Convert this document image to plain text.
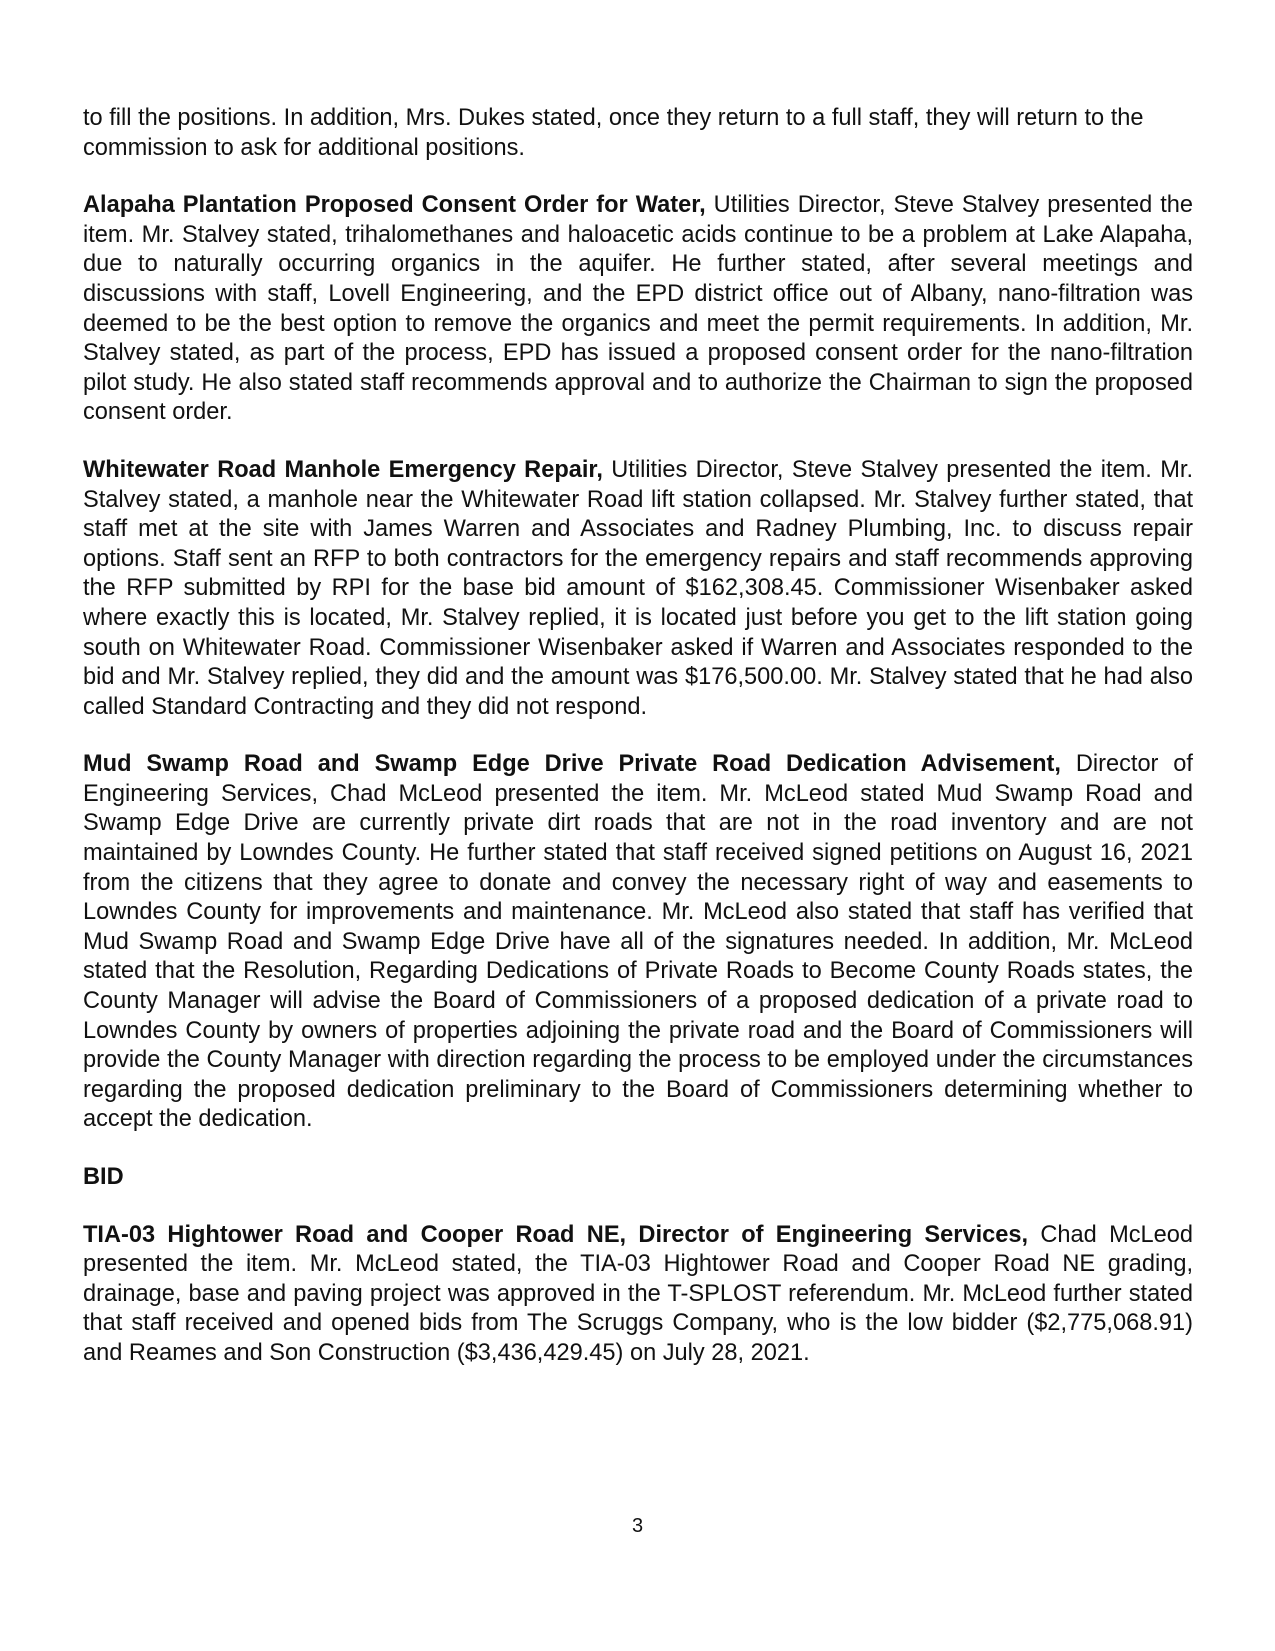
to fill the positions. In addition, Mrs. Dukes stated, once they return to a full staff, they will return to the commission to ask for additional positions.

Alapaha Plantation Proposed Consent Order for Water, Utilities Director, Steve Stalvey presented the item. Mr. Stalvey stated, trihalomethanes and haloacetic acids continue to be a problem at Lake Alapaha, due to naturally occurring organics in the aquifer. He further stated, after several meetings and discussions with staff, Lovell Engineering, and the EPD district office out of Albany, nano-filtration was deemed to be the best option to remove the organics and meet the permit requirements. In addition, Mr. Stalvey stated, as part of the process, EPD has issued a proposed consent order for the nano-filtration pilot study. He also stated staff recommends approval and to authorize the Chairman to sign the proposed consent order.

Whitewater Road Manhole Emergency Repair, Utilities Director, Steve Stalvey presented the item. Mr. Stalvey stated, a manhole near the Whitewater Road lift station collapsed. Mr. Stalvey further stated, that staff met at the site with James Warren and Associates and Radney Plumbing, Inc. to discuss repair options. Staff sent an RFP to both contractors for the emergency repairs and staff recommends approving the RFP submitted by RPI for the base bid amount of $162,308.45. Commissioner Wisenbaker asked where exactly this is located, Mr. Stalvey replied, it is located just before you get to the lift station going south on Whitewater Road. Commissioner Wisenbaker asked if Warren and Associates responded to the bid and Mr. Stalvey replied, they did and the amount was $176,500.00. Mr. Stalvey stated that he had also called Standard Contracting and they did not respond.

Mud Swamp Road and Swamp Edge Drive Private Road Dedication Advisement, Director of Engineering Services, Chad McLeod presented the item. Mr. McLeod stated Mud Swamp Road and Swamp Edge Drive are currently private dirt roads that are not in the road inventory and are not maintained by Lowndes County. He further stated that staff received signed petitions on August 16, 2021 from the citizens that they agree to donate and convey the necessary right of way and easements to Lowndes County for improvements and maintenance. Mr. McLeod also stated that staff has verified that Mud Swamp Road and Swamp Edge Drive have all of the signatures needed. In addition, Mr. McLeod stated that the Resolution, Regarding Dedications of Private Roads to Become County Roads states, the County Manager will advise the Board of Commissioners of a proposed dedication of a private road to Lowndes County by owners of properties adjoining the private road and the Board of Commissioners will provide the County Manager with direction regarding the process to be employed under the circumstances regarding the proposed dedication preliminary to the Board of Commissioners determining whether to accept the dedication.

BID

TIA-03 Hightower Road and Cooper Road NE, Director of Engineering Services, Chad McLeod presented the item. Mr. McLeod stated, the TIA-03 Hightower Road and Cooper Road NE grading, drainage, base and paving project was approved in the T-SPLOST referendum. Mr. McLeod further stated that staff received and opened bids from The Scruggs Company, who is the low bidder ($2,775,068.91) and Reames and Son Construction ($3,436,429.45) on July 28, 2021.

3
